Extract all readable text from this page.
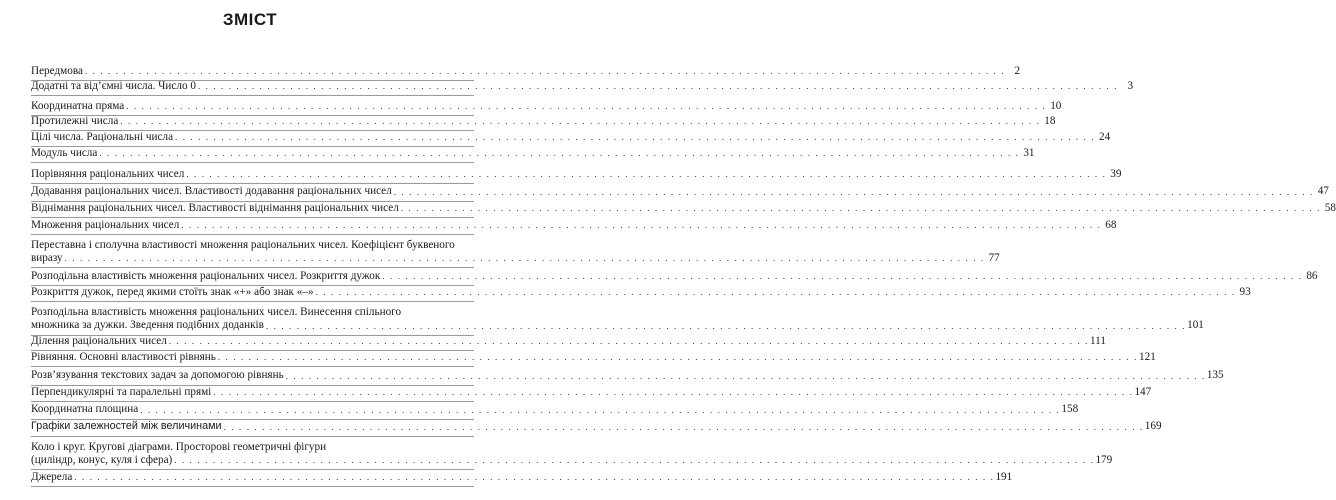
ЗМІСТ
Передмова . . . . . . . . . . . . . . . . . . . . . . . . . . . . . . . . . . . . . . . . . . . . . . . . . . . . . . . . . . . . . . . . . . . . . . . . . . . . . . . . . . . . . . . . . . . . . . . . . . . . . . . . . . . . . . . . . . . . . . . . 2
Додатні та від’ємні числа. Число 0 . . . . . . . . . . . . . . . . . . . . . . . . . . . . . . . . . . . . . . . . . . . . . . . . . . . . . . . . . . . . . . . . . . . . . . . . . . . . . . . . . . . . . . . . . . . . . . . . . . . . . . . . . . . . . . . . . . . . . . . . 3
Координатна пряма . . . . . . . . . . . . . . . . . . . . . . . . . . . . . . . . . . . . . . . . . . . . . . . . . . . . . . . . . . . . . . . . . . . . . . . . . . . . . . . . . . . . . . . . . . . . . . . . . . . . . . . . . . . . . . . . . . . . . . . . 10
Протилежні числа . . . . . . . . . . . . . . . . . . . . . . . . . . . . . . . . . . . . . . . . . . . . . . . . . . . . . . . . . . . . . . . . . . . . . . . . . . . . . . . . . . . . . . . . . . . . . . . . . . . . . . . . . . . . . . . . . . . . . . . . 18
Цілі числа. Раціональні числа . . . . . . . . . . . . . . . . . . . . . . . . . . . . . . . . . . . . . . . . . . . . . . . . . . . . . . . . . . . . . . . . . . . . . . . . . . . . . . . . . . . . . . . . . . . . . . . . . . . . . . . . . . . . . . . . . . . . . . . . 24
Модуль числа . . . . . . . . . . . . . . . . . . . . . . . . . . . . . . . . . . . . . . . . . . . . . . . . . . . . . . . . . . . . . . . . . . . . . . . . . . . . . . . . . . . . . . . . . . . . . . . . . . . . . . . . . . . . . . . . . . . . . . . . 31
Порівняння раціональних чисел . . . . . . . . . . . . . . . . . . . . . . . . . . . . . . . . . . . . . . . . . . . . . . . . . . . . . . . . . . . . . . . . . . . . . . . . . . . . . . . . . . . . . . . . . . . . . . . . . . . . . . . . . . . . . . . . . . . . . . . . 39
Додавання раціональних чисел. Властивості додавання раціональних чисел . . . . . . . . . . . . . . . . . . . . . . . . . . . . . . . . . . . . . . . . . . . . . . . . . . . . . . . . . . . . . . . . . . . . . . . . . . . . . . . . . . . . . . . . . . . . . . . . . . . . . . . . . . . . . . . . . . . . . . . . 47
Віднімання раціональних чисел. Властивості віднімання раціональних чисел . . . . . . . . . . . . . . . . . . . . . . . . . . . . . . . . . . . . . . . . . . . . . . . . . . . . . . . . . . . . . . . . . . . . . . . . . . . . . . . . . . . . . . . . . . . . . . . . . . . . . . . . . . . . . . . . . . . . . . . . 58
Множення раціональних чисел . . . . . . . . . . . . . . . . . . . . . . . . . . . . . . . . . . . . . . . . . . . . . . . . . . . . . . . . . . . . . . . . . . . . . . . . . . . . . . . . . . . . . . . . . . . . . . . . . . . . . . . . . . . . . . . . . . . . . . . . 68
Переставна і сполучна властивості множення раціональних чисел. Коефіцієнт буквеного
виразу . . . . . . . . . . . . . . . . . . . . . . . . . . . . . . . . . . . . . . . . . . . . . . . . . . . . . . . . . . . . . . . . . . . . . . . . . . . . . . . . . . . . . . . . . . . . . . . . . . . . . . . . . . . . . . . . . . . . . . . . 77
Розподільна властивість множення раціональних чисел. Розкриття дужок . . . . . . . . . . . . . . . . . . . . . . . . . . . . . . . . . . . . . . . . . . . . . . . . . . . . . . . . . . . . . . . . . . . . . . . . . . . . . . . . . . . . . . . . . . . . . . . . . . . . . . . . . . . . . . . . . . . . . . . . 86
Розкриття дужок, перед якими стоїть знак «+» або знак «–» . . . . . . . . . . . . . . . . . . . . . . . . . . . . . . . . . . . . . . . . . . . . . . . . . . . . . . . . . . . . . . . . . . . . . . . . . . . . . . . . . . . . . . . . . . . . . . . . . . . . . . . . . . . . . . . . . . . . . . . . 93
Розподільна властивість множення раціональних чисел. Винесення спільного
множника за дужки. Зведення подібних доданків . . . . . . . . . . . . . . . . . . . . . . . . . . . . . . . . . . . . . . . . . . . . . . . . . . . . . . . . . . . . . . . . . . . . . . . . . . . . . . . . . . . . . . . . . . . . . . . . . . . . . . . . . . . . . . . . . . . . . . . . 101
Ділення раціональних чисел . . . . . . . . . . . . . . . . . . . . . . . . . . . . . . . . . . . . . . . . . . . . . . . . . . . . . . . . . . . . . . . . . . . . . . . . . . . . . . . . . . . . . . . . . . . . . . . . . . . . . . . . . . . . . . . . . . . . . . . . 111
Рівняння. Основні властивості рівнянь . . . . . . . . . . . . . . . . . . . . . . . . . . . . . . . . . . . . . . . . . . . . . . . . . . . . . . . . . . . . . . . . . . . . . . . . . . . . . . . . . . . . . . . . . . . . . . . . . . . . . . . . . . . . . . . . . . . . . . . . 121
Розв’язування текстових задач за допомогою рівнянь . . . . . . . . . . . . . . . . . . . . . . . . . . . . . . . . . . . . . . . . . . . . . . . . . . . . . . . . . . . . . . . . . . . . . . . . . . . . . . . . . . . . . . . . . . . . . . . . . . . . . . . . . . . . . . . . . . . . . . . . 135
Перпендикулярні та паралельні прямі . . . . . . . . . . . . . . . . . . . . . . . . . . . . . . . . . . . . . . . . . . . . . . . . . . . . . . . . . . . . . . . . . . . . . . . . . . . . . . . . . . . . . . . . . . . . . . . . . . . . . . . . . . . . . . . . . . . . . . . . 147
Координатна площина . . . . . . . . . . . . . . . . . . . . . . . . . . . . . . . . . . . . . . . . . . . . . . . . . . . . . . . . . . . . . . . . . . . . . . . . . . . . . . . . . . . . . . . . . . . . . . . . . . . . . . . . . . . . . . . . . . . . . . . . 158
Графіки залежностей між величинами . . . . . . . . . . . . . . . . . . . . . . . . . . . . . . . . . . . . . . . . . . . . . . . . . . . . . . . . . . . . . . . . . . . . . . . . . . . . . . . . . . . . . . . . . . . . . . . . . . . . . . . . . . . . . . . . . . . . . . . . 169
Коло і круг. Кругові діаграми. Просторові геометричні фігури
(циліндр, конус, куля і сфера) . . . . . . . . . . . . . . . . . . . . . . . . . . . . . . . . . . . . . . . . . . . . . . . . . . . . . . . . . . . . . . . . . . . . . . . . . . . . . . . . . . . . . . . . . . . . . . . . . . . . . . . . . . . . . . . . . . . . . . . . 179
Джерела . . . . . . . . . . . . . . . . . . . . . . . . . . . . . . . . . . . . . . . . . . . . . . . . . . . . . . . . . . . . . . . . . . . . . . . . . . . . . . . . . . . . . . . . . . . . . . . . . . . . . . . . . . . . . . . . . . . . . . . . 191
